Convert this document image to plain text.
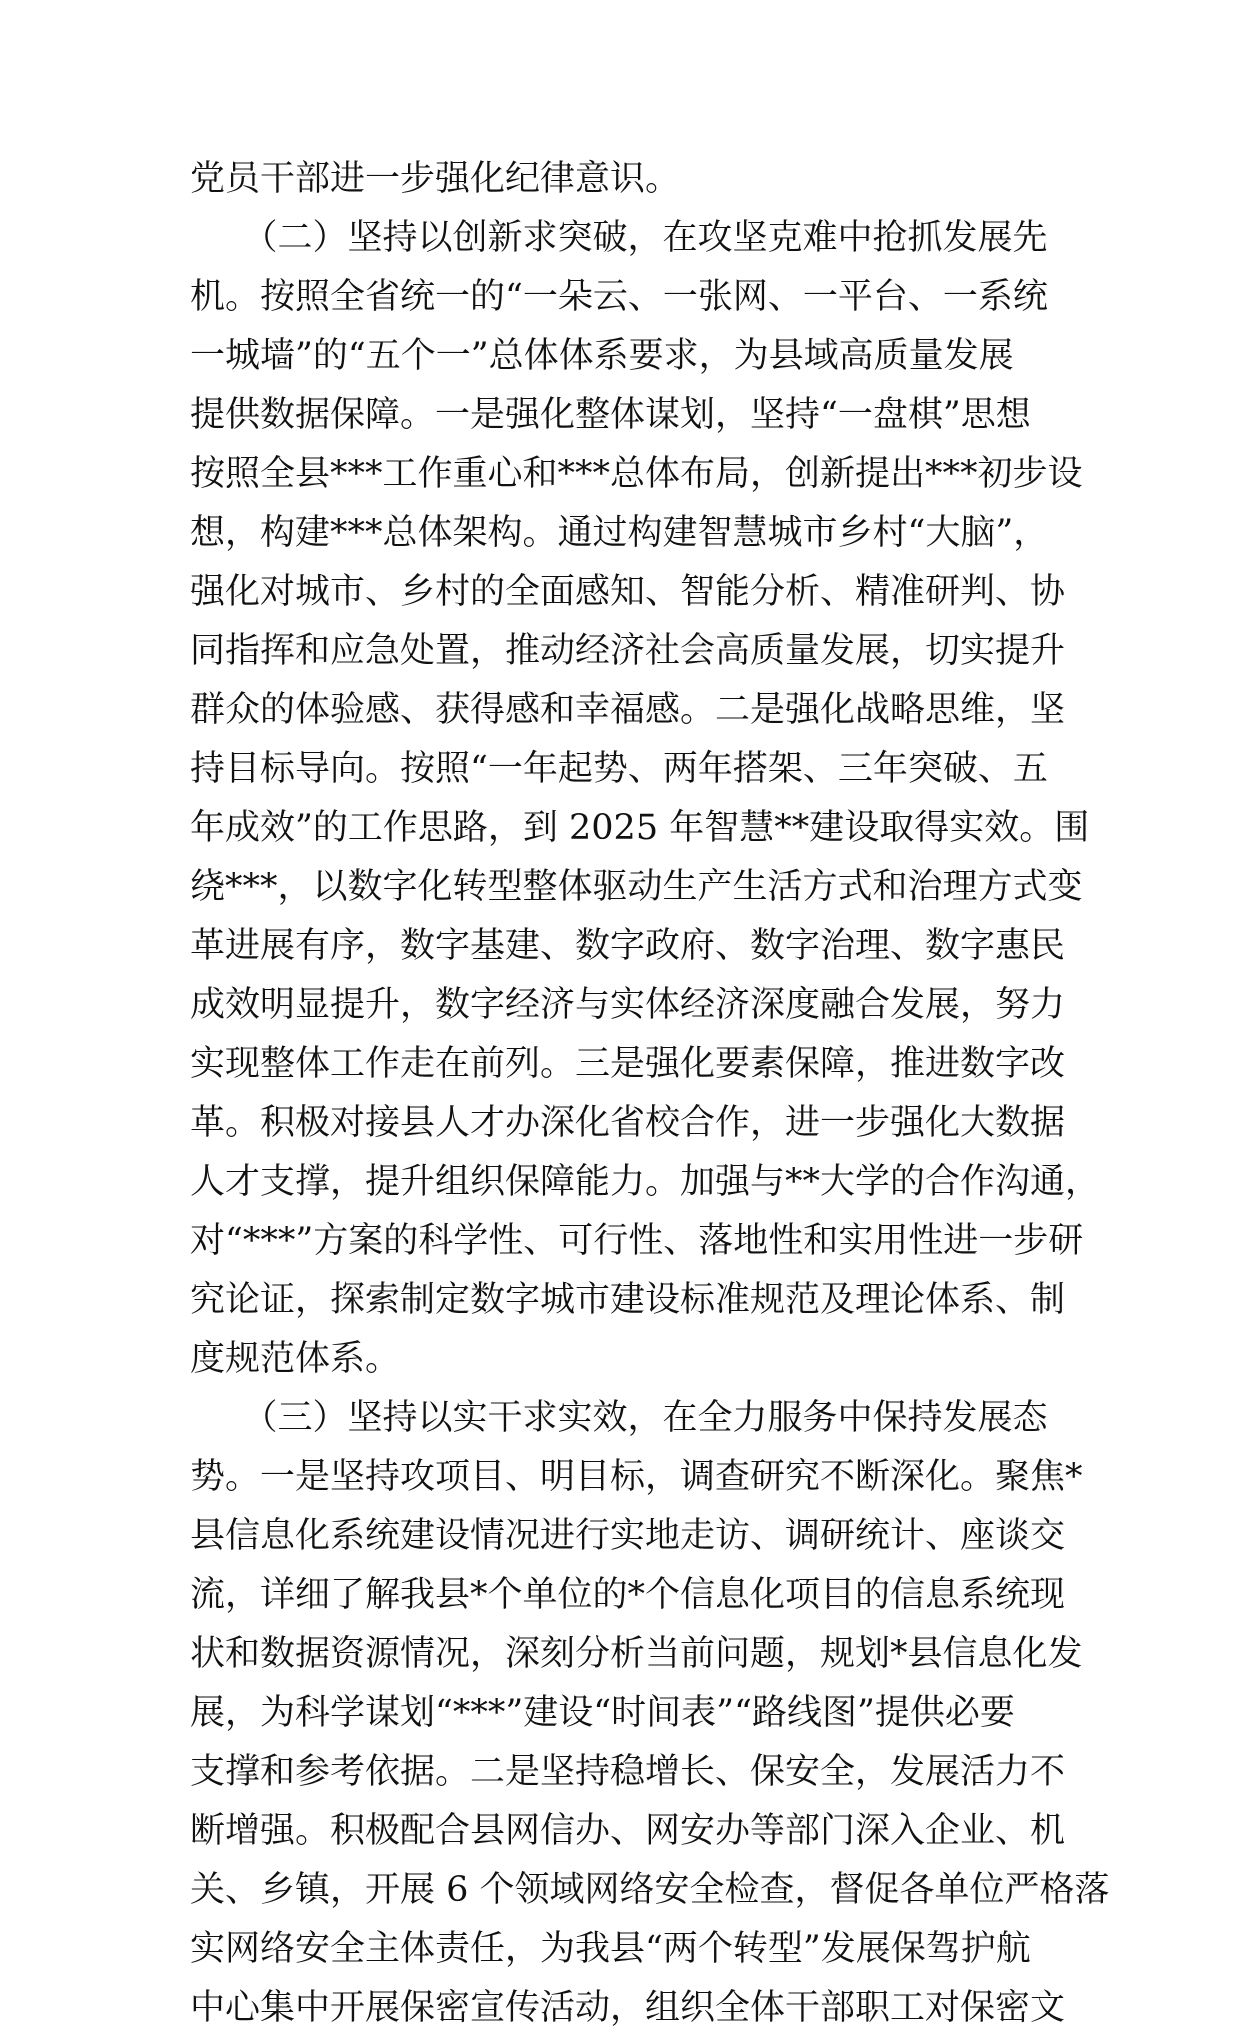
党员干部进一步强化纪律意识。
　　（二）坚持以创新求突破，在攻坚克难中抢抓发展先
机。按照全省统一的“一朵云、一张网、一平台、一系统
一城墙”的“五个一”总体体系要求，为县域高质量发展
提供数据保障。一是强化整体谋划，坚持“一盘棋”思想
按照全县***工作重心和***总体布局，创新提出***初步设
想，构建***总体架构。通过构建智慧城市乡村“大脑”，
强化对城市、乡村的全面感知、智能分析、精准研判、协
同指挥和应急处置，推动经济社会高质量发展，切实提升
群众的体验感、获得感和幸福感。二是强化战略思维，坚
持目标导向。按照“一年起势、两年搭架、三年突破、五
年成效”的工作思路，到 2025 年智慧**建设取得实效。围
绕***，以数字化转型整体驱动生产生活方式和治理方式变
革进展有序，数字基建、数字政府、数字治理、数字惠民
成效明显提升，数字经济与实体经济深度融合发展，努力
实现整体工作走在前列。三是强化要素保障，推进数字改
革。积极对接县人才办深化省校合作，进一步强化大数据
人才支撑，提升组织保障能力。加强与**大学的合作沟通，
对“***”方案的科学性、可行性、落地性和实用性进一步研
究论证，探索制定数字城市建设标准规范及理论体系、制
度规范体系。
　　（三）坚持以实干求实效，在全力服务中保持发展态
势。一是坚持攻项目、明目标，调查研究不断深化。聚焦*
县信息化系统建设情况进行实地走访、调研统计、座谈交
流，详细了解我县*个单位的*个信息化项目的信息系统现
状和数据资源情况，深刻分析当前问题，规划*县信息化发
展，为科学谋划“***”建设“时间表”“路线图”提供必要
支撑和参考依据。二是坚持稳增长、保安全，发展活力不
断增强。积极配合县网信办、网安办等部门深入企业、机
关、乡镇，开展 6 个领域网络安全检查，督促各单位严格落
实网络安全主体责任，为我县“两个转型”发展保驾护航
中心集中开展保密宣传活动，组织全体干部职工对保密文
